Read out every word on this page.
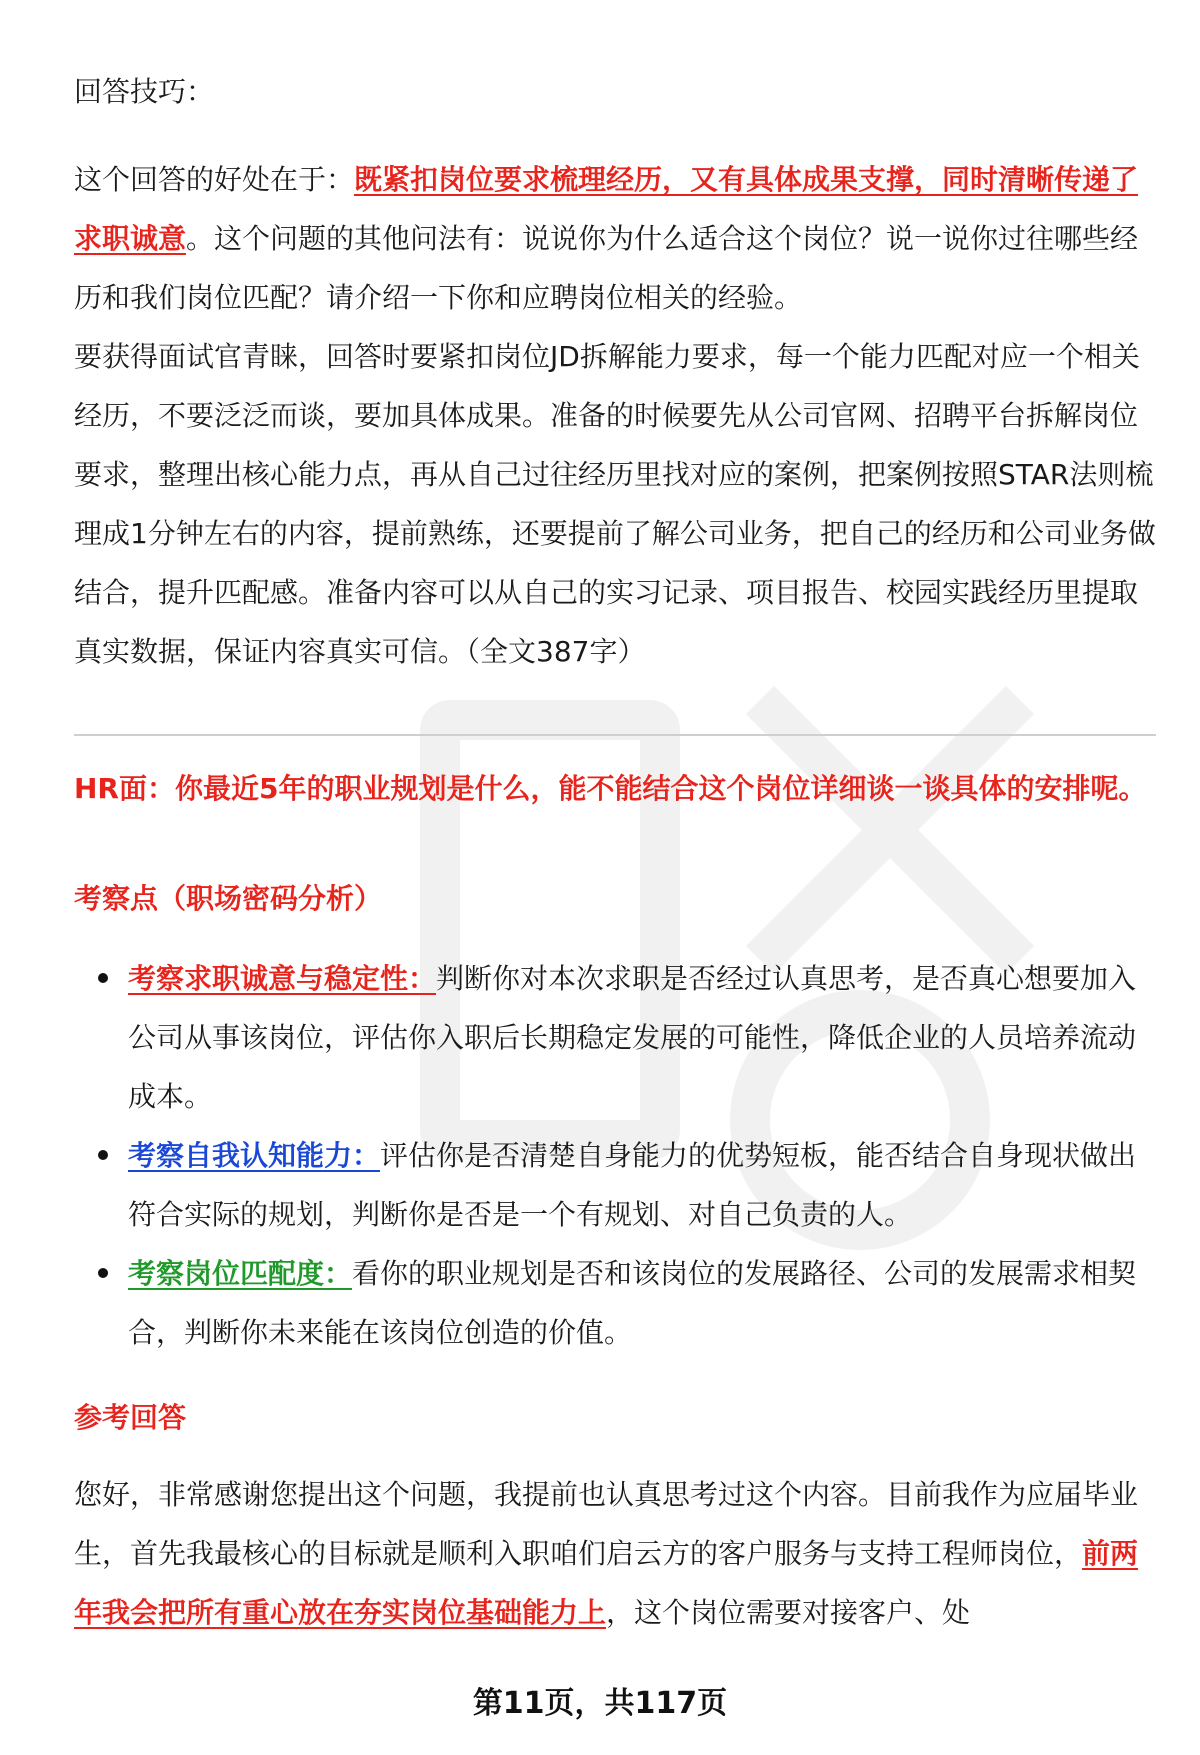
回答技巧：

这个回答的好处在于：既紧扣岗位要求梳理经历，又有具体成果支撑，同时清晰传递了求职诚意。这个问题的其他问法有：说说你为什么适合这个岗位？说一说你过往哪些经历和我们岗位匹配？请介绍一下你和应聘岗位相关的经验。

要获得面试官青睐，回答时要紧扣岗位JD拆解能力要求，每一个能力匹配对应一个相关经历，不要泛泛而谈，要加具体成果。准备的时候要先从公司官网、招聘平台拆解岗位要求，整理出核心能力点，再从自己过往经历里找对应的案例，把案例按照STAR法则梳理成1分钟左右的内容，提前熟练，还要提前了解公司业务，把自己的经历和公司业务做结合，提升匹配感。准备内容可以从自己的实习记录、项目报告、校园实践经历里提取真实数据，保证内容真实可信。（全文387字）

HR面：你最近5年的职业规划是什么，能不能结合这个岗位详细谈一谈具体的安排呢。

考察点（职场密码分析）

考察求职诚意与稳定性：判断你对本次求职是否经过认真思考，是否真心想要加入公司从事该岗位，评估你入职后长期稳定发展的可能性，降低企业的人员培养流动成本。
考察自我认知能力：评估你是否清楚自身能力的优势短板，能否结合自身现状做出符合实际的规划，判断你是否是一个有规划、对自己负责的人。
考察岗位匹配度：看你的职业规划是否和该岗位的发展路径、公司的发展需求相契合，判断你未来能在该岗位创造的价值。

参考回答

您好，非常感谢您提出这个问题，我提前也认真思考过这个内容。目前我作为应届毕业生，首先我最核心的目标就是顺利入职咱们启云方的客户服务与支持工程师岗位，前两年我会把所有重心放在夯实岗位基础能力上，这个岗位需要对接客户、处

第11页，共117页
